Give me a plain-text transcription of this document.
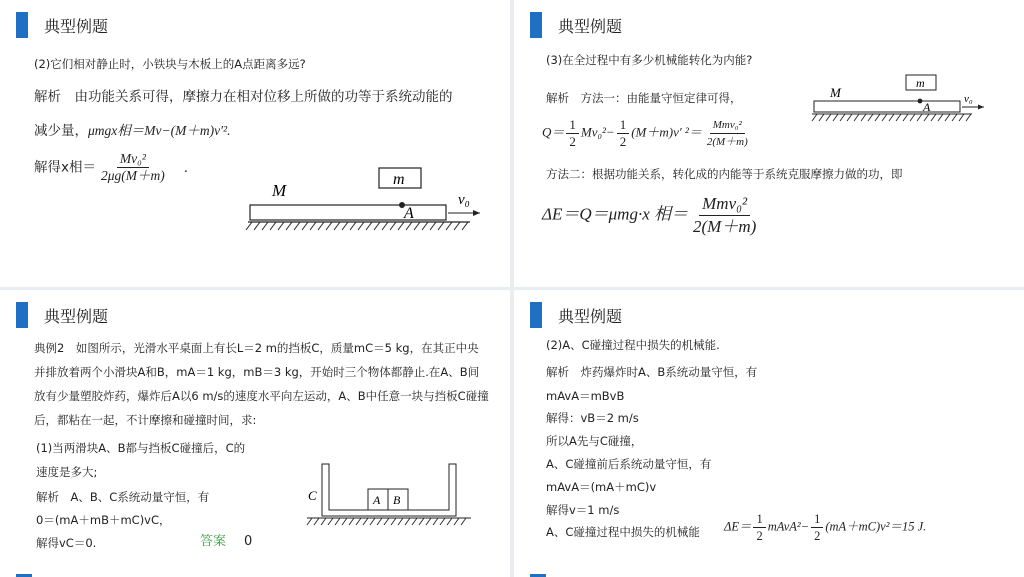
典型例题
(2)它们相对静止时，小铁块与木板上的A点距离多远?
解析　由功能关系可得，摩擦力在相对位移上所做的功等于系统动能的
减少量，μmgx相＝Mv−(M＋m)v′².
解得x相＝ $\frac{\text{Mv₀²}}{2\mu g(M+m)}$ .
M
m
A
v₀
典型例题
(3)在全过程中有多少机械能转化为内能?
解析　方法一：由能量守恒定律可得，
$Q= \frac{1}{2} Mv_0^2- \frac{1}{2} (M+m)v'$ $^2= \frac{\text{Mmv₀²}}{2(M+m)}$
方法二：根据功能关系，转化成的内能等于系统克服摩擦力做的功，即
ΔE＝Q＝μmg·x 相＝ $\frac{\text{Mmv₀²}}{2(M+m)}$
M
m
A
v₀
典型例题
典例2　如图所示，光滑水平桌面上有长L＝2 m的挡板C，质量mC＝5 kg，在其正中央并排放着两个小滑块A和B，mA＝1 kg，mB＝3 kg，开始时三个物体都静止.在A、B间放有少量塑胶炸药，爆炸后A以6 m/s的速度水平向左运动，A、B中任意一块与挡板C碰撞后，都粘在一起，不计摩擦和碰撞时间，求:
(1)当两滑块A、B都与挡板C碰撞后，C的
速度是多大;
解析　A、B、C系统动量守恒，有
0＝(mA＋mB＋mC)vC，
解得vC＝0.	答案 0
C	A B
典型例题
(2)A、C碰撞过程中损失的机械能.
解析　炸药爆炸时A、B系统动量守恒，有
mAvA＝mBvB
解得：vB＝2 m/s
所以A先与C碰撞，
A、C碰撞前后系统动量守恒，有
mAvA＝(mA＋mC)v
解得v＝1 m/s
A、C碰撞过程中损失的机械能 $\Delta E= \frac{1}{2}$ mAvA²− $\frac{1}{2} (mA+mC)v^2=15$ J.
